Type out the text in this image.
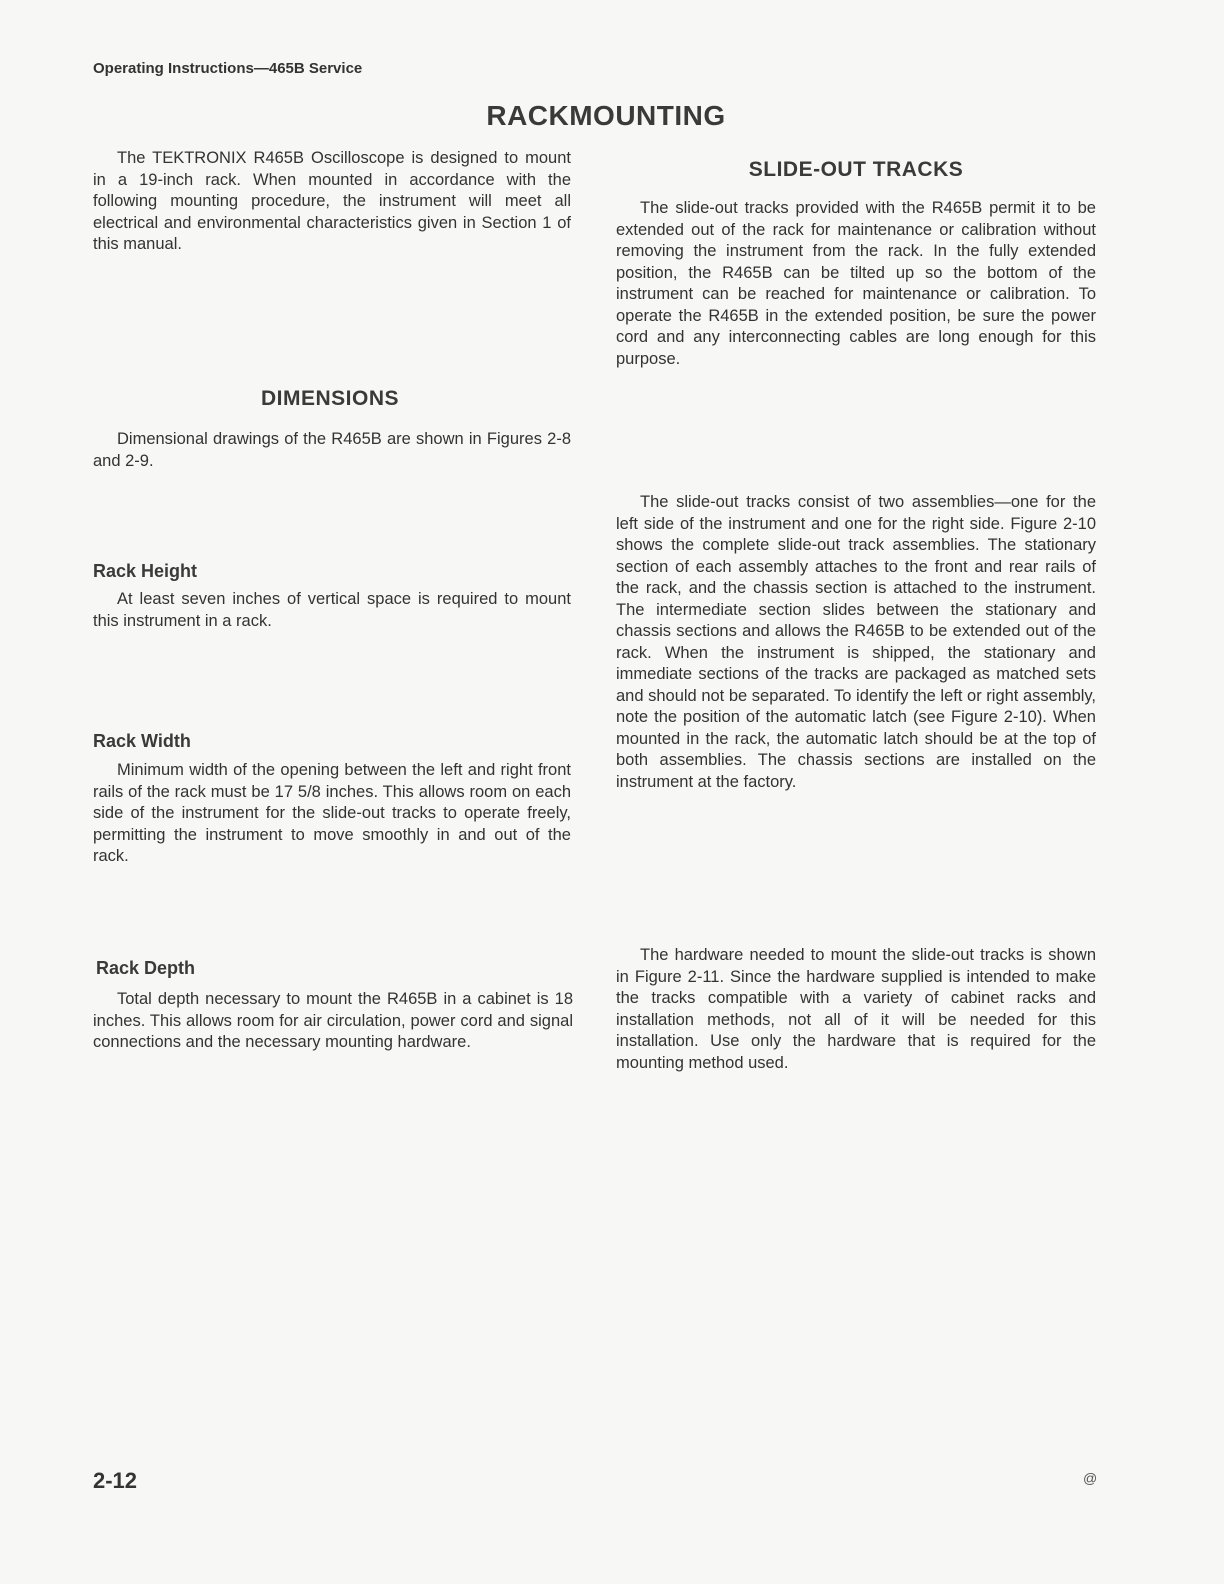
Operating Instructions—465B Service
RACKMOUNTING

The TEKTRONIX R465B Oscilloscope is designed to mount in a 19-inch rack. When mounted in accordance with the following mounting procedure, the instrument will meet all electrical and environmental characteristics given in Section 1 of this manual.

DIMENSIONS

Dimensional drawings of the R465B are shown in Figures 2-8 and 2-9.

Rack Height

At least seven inches of vertical space is required to mount this instrument in a rack.

Rack Width

Minimum width of the opening between the left and right front rails of the rack must be 17 5/8 inches. This allows room on each side of the instrument for the slide-out tracks to operate freely, permitting the instrument to move smoothly in and out of the rack.

Rack Depth

Total depth necessary to mount the R465B in a cabinet is 18 inches. This allows room for air circulation, power cord and signal connections and the necessary mounting hardware.

SLIDE-OUT TRACKS

The slide-out tracks provided with the R465B permit it to be extended out of the rack for maintenance or calibration without removing the instrument from the rack. In the fully extended position, the R465B can be tilted up so the bottom of the instrument can be reached for maintenance or calibration. To operate the R465B in the extended position, be sure the power cord and any interconnecting cables are long enough for this purpose.

The slide-out tracks consist of two assemblies—one for the left side of the instrument and one for the right side. Figure 2-10 shows the complete slide-out track assemblies. The stationary section of each assembly attaches to the front and rear rails of the rack, and the chassis section is attached to the instrument. The intermediate section slides between the stationary and chassis sections and allows the R465B to be extended out of the rack. When the instrument is shipped, the stationary and immediate sections of the tracks are packaged as matched sets and should not be separated. To identify the left or right assembly, note the position of the automatic latch (see Figure 2-10). When mounted in the rack, the automatic latch should be at the top of both assemblies. The chassis sections are installed on the instrument at the factory.

The hardware needed to mount the slide-out tracks is shown in Figure 2-11. Since the hardware supplied is intended to make the tracks compatible with a variety of cabinet racks and installation methods, not all of it will be needed for this installation. Use only the hardware that is required for the mounting method used.

2-12	@
